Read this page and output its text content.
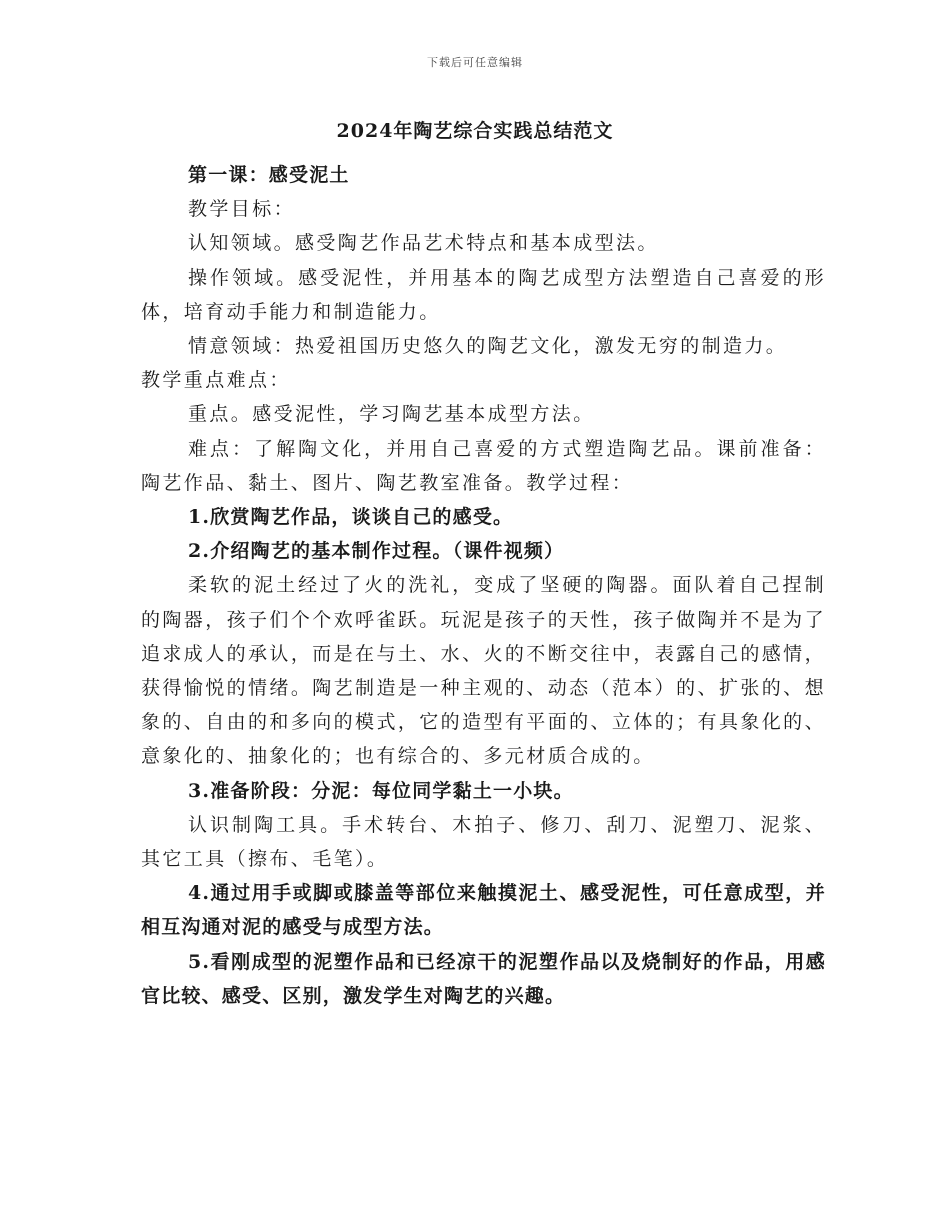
下载后可任意编辑
2024年陶艺综合实践总结范文

第一课：感受泥土

教学目标：

认知领域。感受陶艺作品艺术特点和基本成型法。

操作领域。感受泥性，并用基本的陶艺成型方法塑造自己喜爱的形体，培育动手能力和制造能力。

情意领域：热爱祖国历史悠久的陶艺文化，激发无穷的制造力。

教学重点难点：

重点。感受泥性，学习陶艺基本成型方法。

难点：了解陶文化，并用自己喜爱的方式塑造陶艺品。课前准备：陶艺作品、黏土、图片、陶艺教室准备。教学过程：

1.欣赏陶艺作品，谈谈自己的感受。

2.介绍陶艺的基本制作过程。（课件视频）

柔软的泥土经过了火的洗礼，变成了坚硬的陶器。面队着自己捏制的陶器，孩子们个个欢呼雀跃。玩泥是孩子的天性，孩子做陶并不是为了追求成人的承认，而是在与土、水、火的不断交往中，表露自己的感情，获得愉悦的情绪。陶艺制造是一种主观的、动态（范本）的、扩张的、想象的、自由的和多向的模式，它的造型有平面的、立体的；有具象化的、意象化的、抽象化的；也有综合的、多元材质合成的。

3.准备阶段：分泥：每位同学黏土一小块。

认识制陶工具。手术转台、木拍子、修刀、刮刀、泥塑刀、泥浆、其它工具（擦布、毛笔）。

4.通过用手或脚或膝盖等部位来触摸泥土、感受泥性，可任意成型，并相互沟通对泥的感受与成型方法。

5.看刚成型的泥塑作品和已经凉干的泥塑作品以及烧制好的作品，用感官比较、感受、区别，激发学生对陶艺的兴趣。
